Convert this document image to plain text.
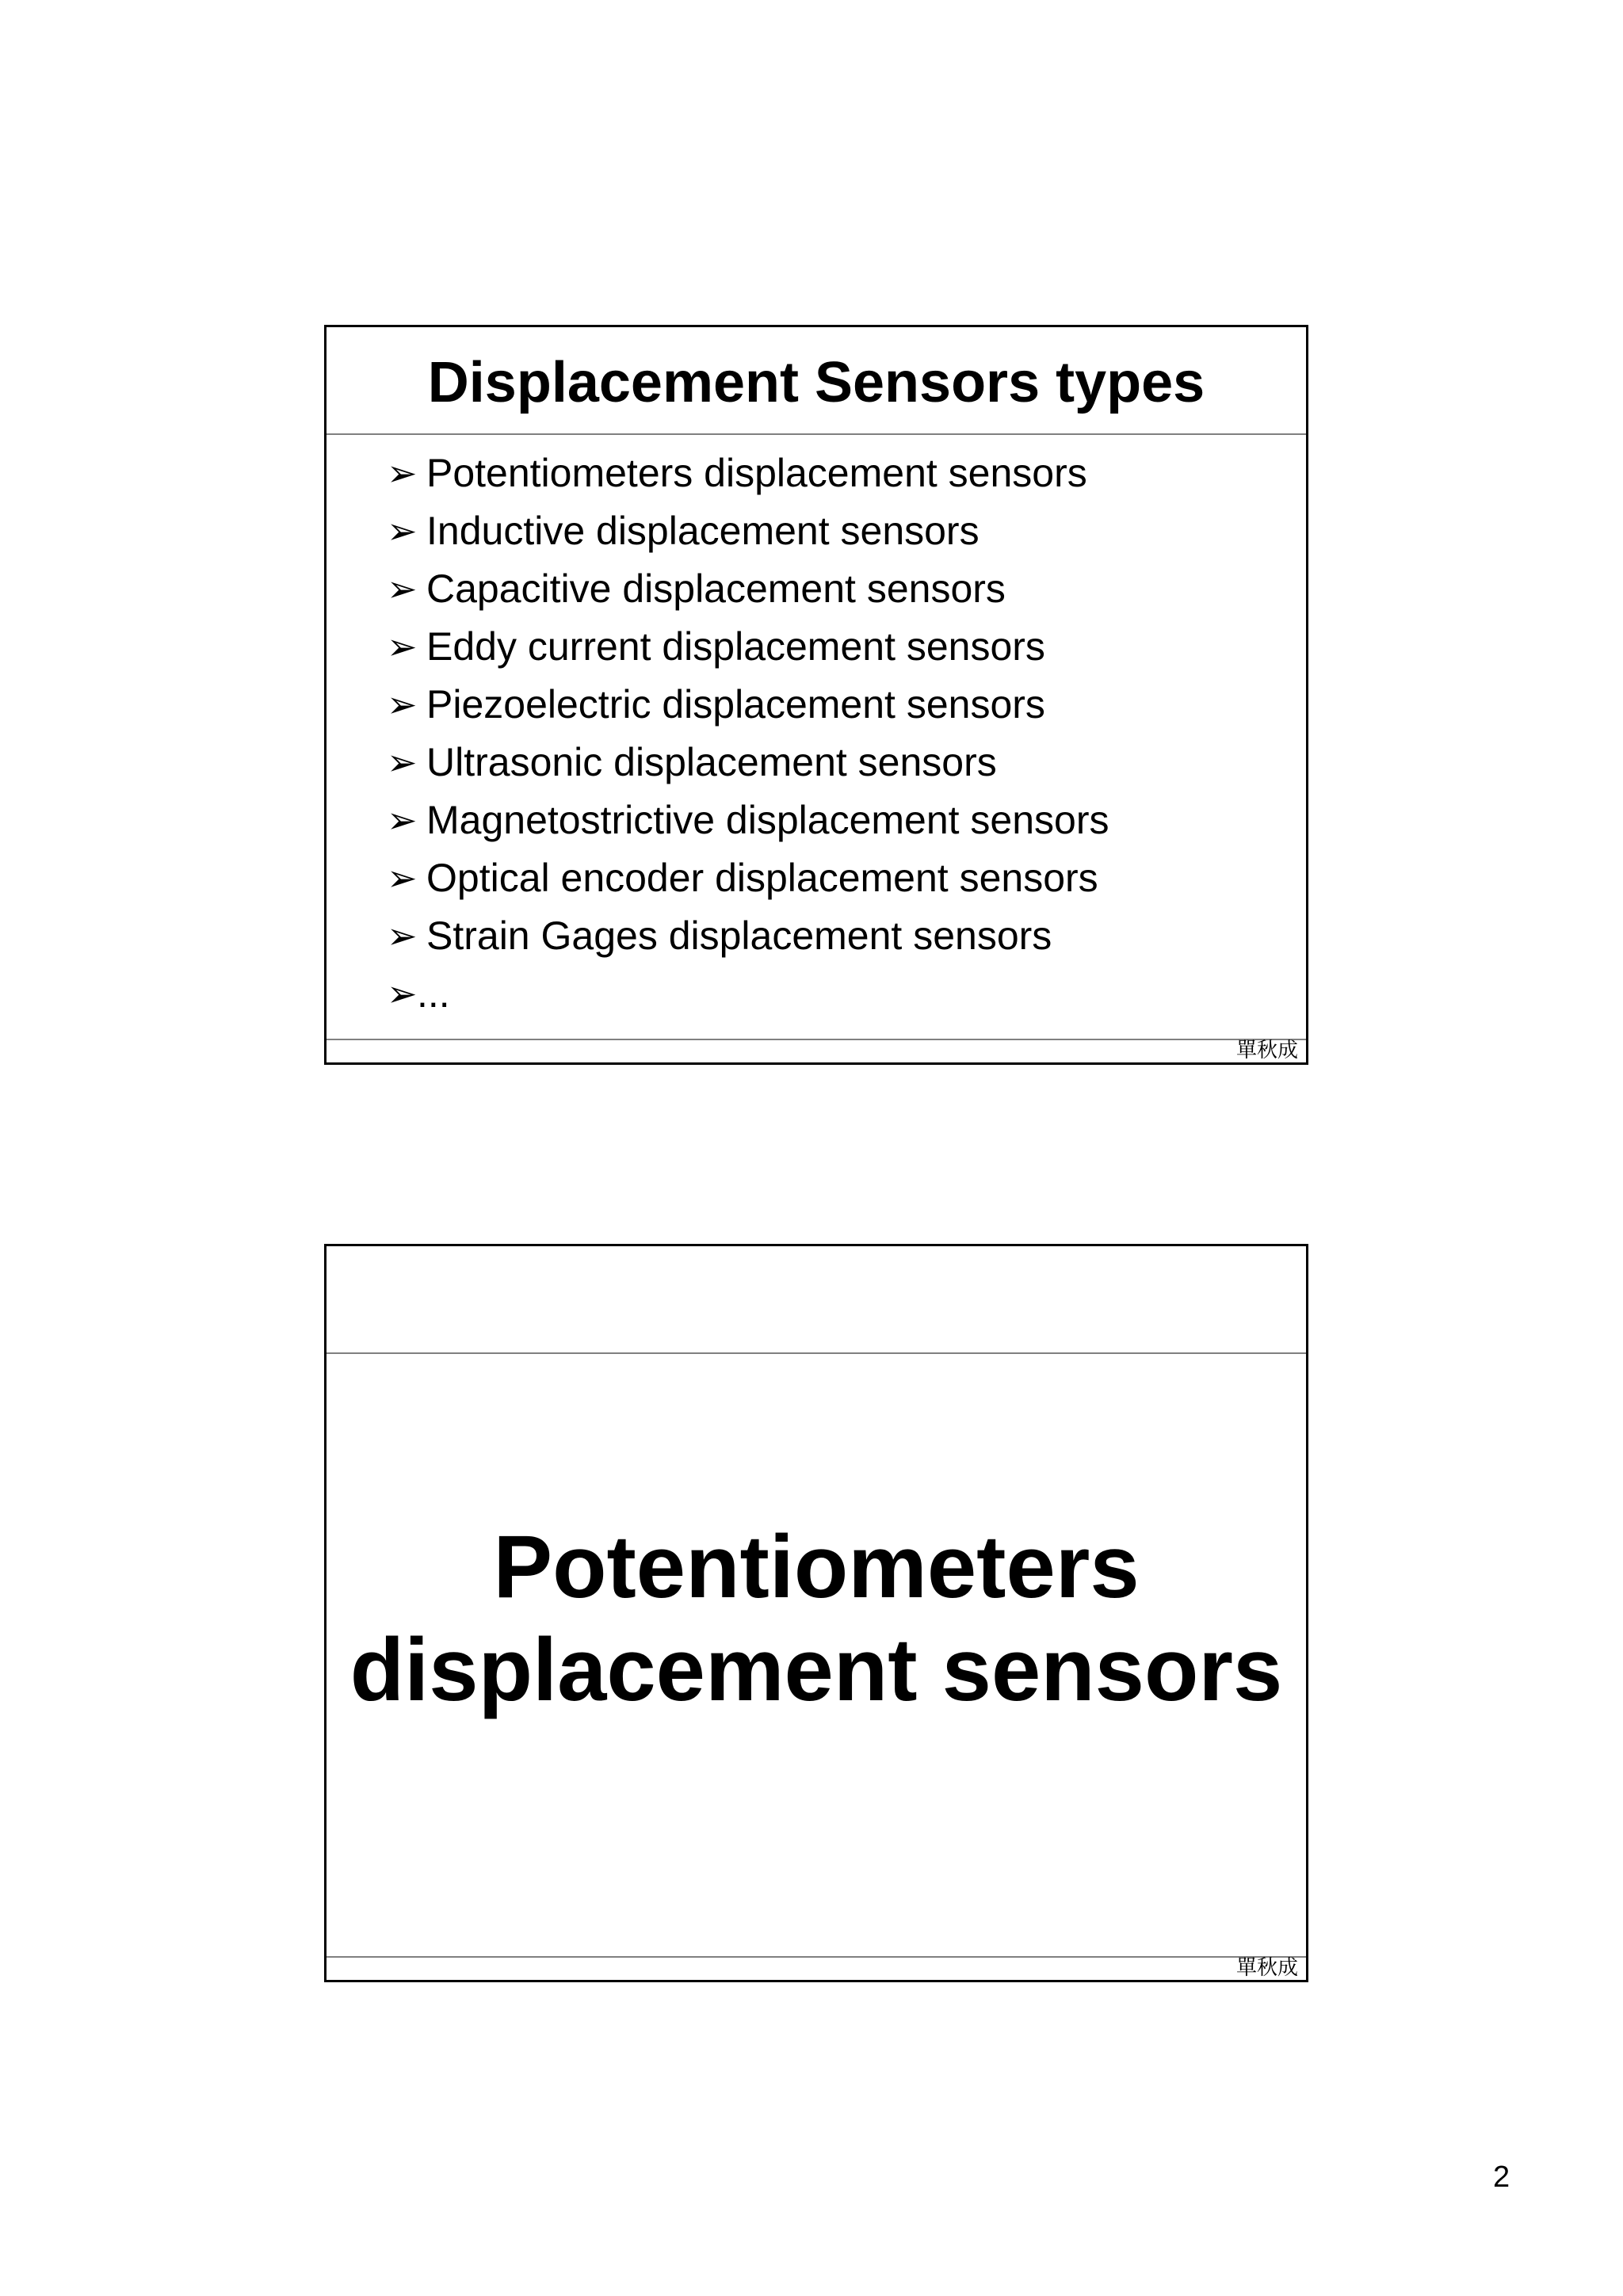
Displacement Sensors types
➢ Potentiometers displacement sensors
➢ Inductive displacement sensors
➢ Capacitive displacement sensors
➢ Eddy current displacement sensors
➢ Piezoelectric displacement sensors
➢ Ultrasonic displacement sensors
➢ Magnetostrictive displacement sensors
➢ Optical encoder displacement sensors
➢ Strain Gages displacement sensors
➢ ...
單秋成
Potentiometers
displacement sensors
單秋成
2
